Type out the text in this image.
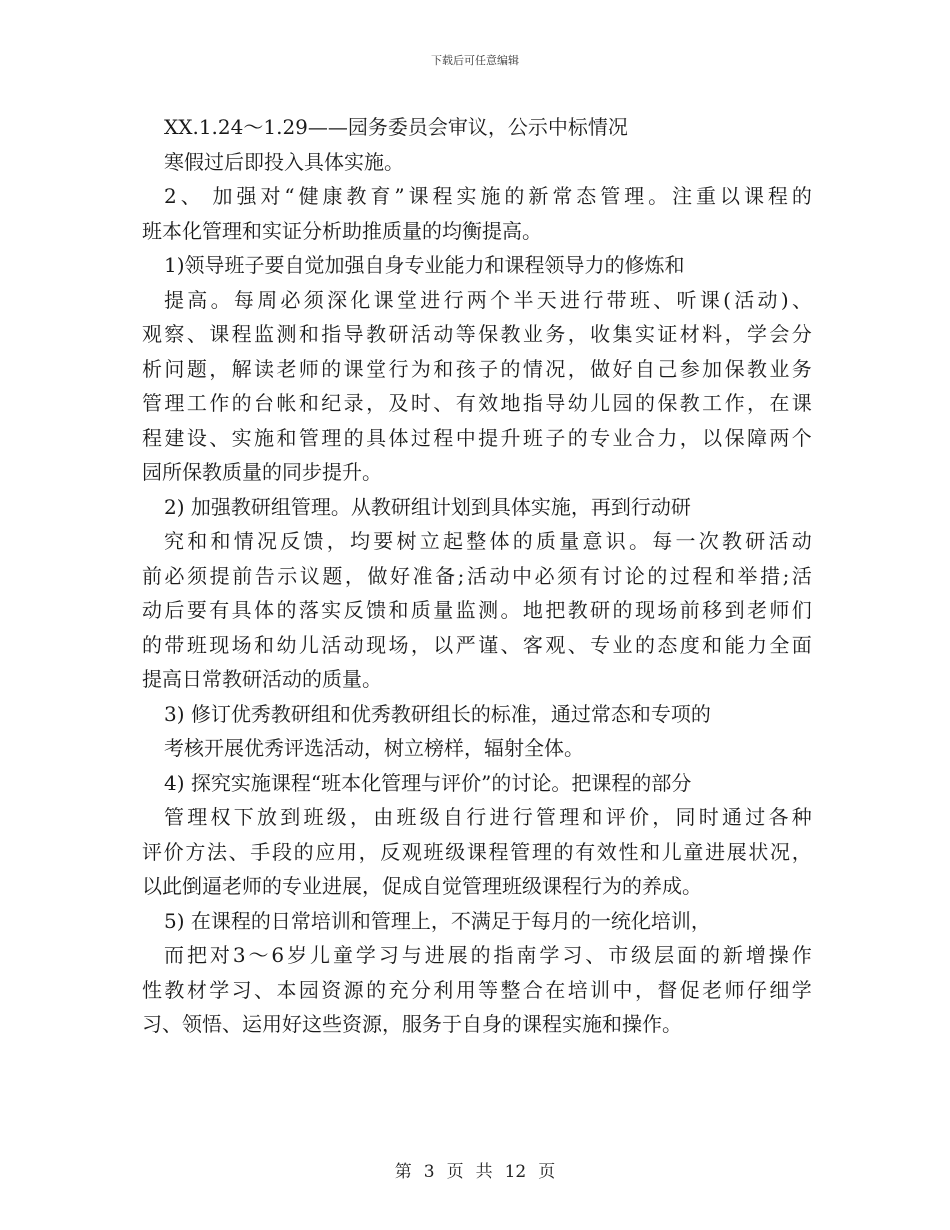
下载后可任意编辑
XX.1.24～1.29——园务委员会审议，公示中标情况
寒假过后即投入具体实施。
2 、 加 强 对 “ 健 康 教 育 ” 课 程 实 施 的 新 常 态 管 理 。 注 重 以 课 程 的
班本化管理和实证分析助推质量的均衡提高。
1)领导班子要自觉加强自身专业能力和课程领导力的修炼和
提 高 。 每 周 必 须 深 化 课 堂 进 行 两 个 半 天 进 行 带 班 、 听 课 ( 活 动 ) 、
观 察 、 课 程 监 测 和 指 导 教 研 活 动 等 保 教 业 务 ， 收 集 实 证 材 料 ， 学 会 分
析 问 题 ， 解 读 老 师 的 课 堂 行 为 和 孩 子 的 情 况 ， 做 好 自 己 参 加 保 教 业 务
管 理 工 作 的 台 帐 和 纪 录 ， 及 时 、 有 效 地 指 导 幼 儿 园 的 保 教 工 作 ， 在 课
程 建 设 、 实 施 和 管 理 的 具 体 过 程 中 提 升 班 子 的 专 业 合 力 ， 以 保 障 两 个
园所保教质量的同步提升。
2) 加强教研组管理。从教研组计划到具体实施，再到行动研
究 和 和 情 况 反 馈 ， 均 要 树 立 起 整 体 的 质 量 意 识 。 每 一 次 教 研 活 动
前 必 须 提 前 告 示 议 题 ， 做 好 准 备 ; 活 动 中 必 须 有 讨 论 的 过 程 和 举 措 ; 活
动 后 要 有 具 体 的 落 实 反 馈 和 质 量 监 测 。 地 把 教 研 的 现 场 前 移 到 老 师 们
的 带 班 现 场 和 幼 儿 活 动 现 场 ， 以 严 谨 、 客 观 、 专 业 的 态 度 和 能 力 全 面
提高日常教研活动的质量。
3) 修订优秀教研组和优秀教研组长的标准，通过常态和专项的
考核开展优秀评选活动，树立榜样，辐射全体。
4) 探究实施课程“班本化管理与评价”的讨论。把课程的部分
管 理 权 下 放 到 班 级 ， 由 班 级 自 行 进 行 管 理 和 评 价 ， 同 时 通 过 各 种
评 价 方 法 、 手 段 的 应 用 ， 反 观 班 级 课 程 管 理 的 有 效 性 和 儿 童 进 展 状 况 ，
以此倒逼老师的专业进展，促成自觉管理班级课程行为的养成。
5) 在课程的日常培训和管理上，不满足于每月的一统化培训，
而 把 对 3 ～ 6 岁 儿 童 学 习 与 进 展 的 指 南 学 习 、 市 级 层 面 的 新 增 操 作
性 教 材 学 习 、 本 园 资 源 的 充 分 利 用 等 整 合 在 培 训 中 ， 督 促 老 师 仔 细 学
习、领悟、运用好这些资源，服务于自身的课程实施和操作。
第 3 页 共 12 页
